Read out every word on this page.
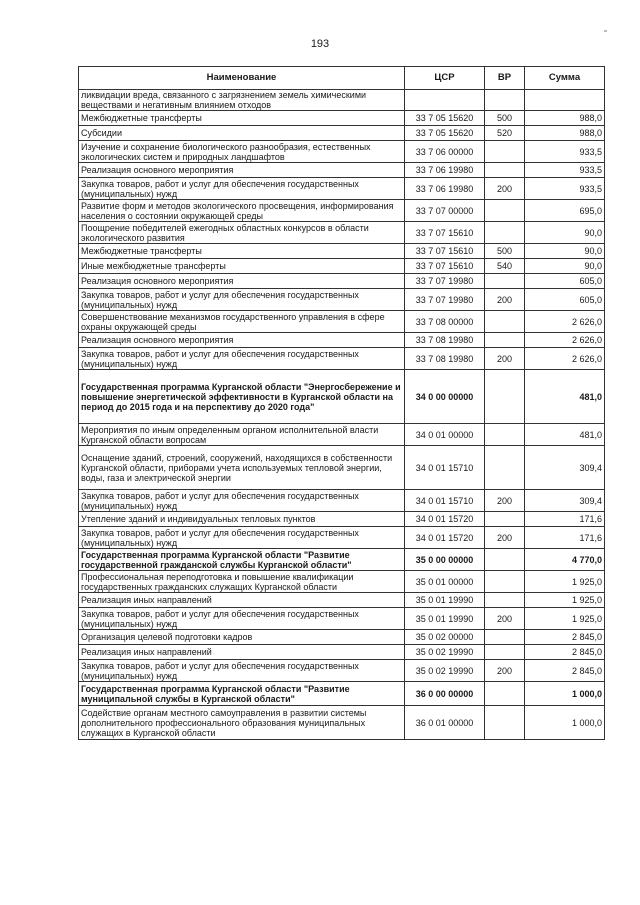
193
Наименование	ЦСР	ВР	Сумма
ликвидации вреда, связанного с загрязнением земель химическими веществами и негативным влиянием отходов			
Межбюджетные трансферты	33 7 05 15620	500	988,0
Субсидии	33 7 05 15620	520	988,0
Изучение и сохранение биологического разнообразия, естественных экологических систем и природных ландшафтов	33 7 06 00000		933,5
Реализация основного мероприятия	33 7 06 19980		933,5
Закупка товаров, работ и услуг для обеспечения государственных (муниципальных) нужд	33 7 06 19980	200	933,5
Развитие форм и методов экологического просвещения, информирования населения о состоянии окружающей среды	33 7 07 00000		695,0
Поощрение победителей ежегодных областных конкурсов в области экологического развития	33 7 07 15610		90,0
Межбюджетные трансферты	33 7 07 15610	500	90,0
Иные межбюджетные трансферты	33 7 07 15610	540	90,0
Реализация основного мероприятия	33 7 07 19980		605,0
Закупка товаров, работ и услуг для обеспечения государственных (муниципальных) нужд	33 7 07 19980	200	605,0
Совершенствование механизмов государственного управления в сфере охраны окружающей среды	33 7 08 00000		2 626,0
Реализация основного мероприятия	33 7 08 19980		2 626,0
Закупка товаров, работ и услуг для обеспечения государственных (муниципальных) нужд	33 7 08 19980	200	2 626,0
Государственная программа Курганской области "Энергосбережение и повышение энергетической эффективности в Курганской области на период до 2015 года и на перспективу до 2020 года"	34 0 00 00000		481,0
Мероприятия по иным определенным органом исполнительной власти Курганской области вопросам	34 0 01 00000		481,0
Оснащение зданий, строений, сооружений, находящихся в собственности Курганской области, приборами учета используемых тепловой энергии, воды, газа и электрической энергии	34 0 01 15710		309,4
Закупка товаров, работ и услуг для обеспечения государственных (муниципальных) нужд	34 0 01 15710	200	309,4
Утепление зданий и индивидуальных тепловых пунктов	34 0 01 15720		171,6
Закупка товаров, работ и услуг для обеспечения государственных (муниципальных) нужд	34 0 01 15720	200	171,6
Государственная программа Курганской области "Развитие государственной гражданской службы Курганской области"	35 0 00 00000		4 770,0
Профессиональная переподготовка и повышение квалификации государственных гражданских служащих Курганской области	35 0 01 00000		1 925,0
Реализация иных направлений	35 0 01 19990		1 925,0
Закупка товаров, работ и услуг для обеспечения государственных (муниципальных) нужд	35 0 01 19990	200	1 925,0
Организация целевой подготовки кадров	35 0 02 00000		2 845,0
Реализация иных направлений	35 0 02 19990		2 845,0
Закупка товаров, работ и услуг для обеспечения государственных (муниципальных) нужд	35 0 02 19990	200	2 845,0
Государственная программа Курганской области "Развитие муниципальной службы в Курганской области"	36 0 00 00000		1 000,0
Содействие органам местного самоуправления в развитии системы дополнительного профессионального образования муниципальных служащих в Курганской области	36 0 01 00000		1 000,0
